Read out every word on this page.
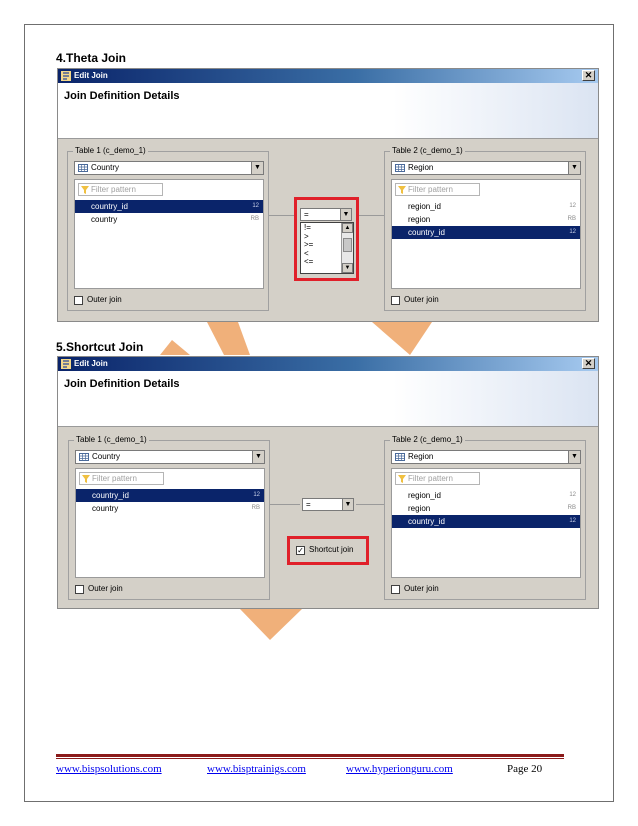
4.Theta Join
Edit Join	✕
Join Definition Details
Table 1 (c_demo_1)
Country	▼
Filter pattern
country_id	12
country	RB
Outer join
=	▼
!=
>
>=
<
<=
▲
▼
Table 2 (c_demo_1)
Region	▼
Filter pattern
region_id	12
region	RB
country_id	12
Outer join
5.Shortcut Join
Edit Join	✕
Join Definition Details
Table 1 (c_demo_1)
Country	▼
Filter pattern
country_id	12
country	RB
Outer join
=	▼
✓ Shortcut join
Table 2 (c_demo_1)
Region	▼
Filter pattern
region_id	12
region	RB
country_id	12
Outer join
www.bispsolutions.com	www.bisptrainigs.com	www.hyperionguru.com	Page 20
